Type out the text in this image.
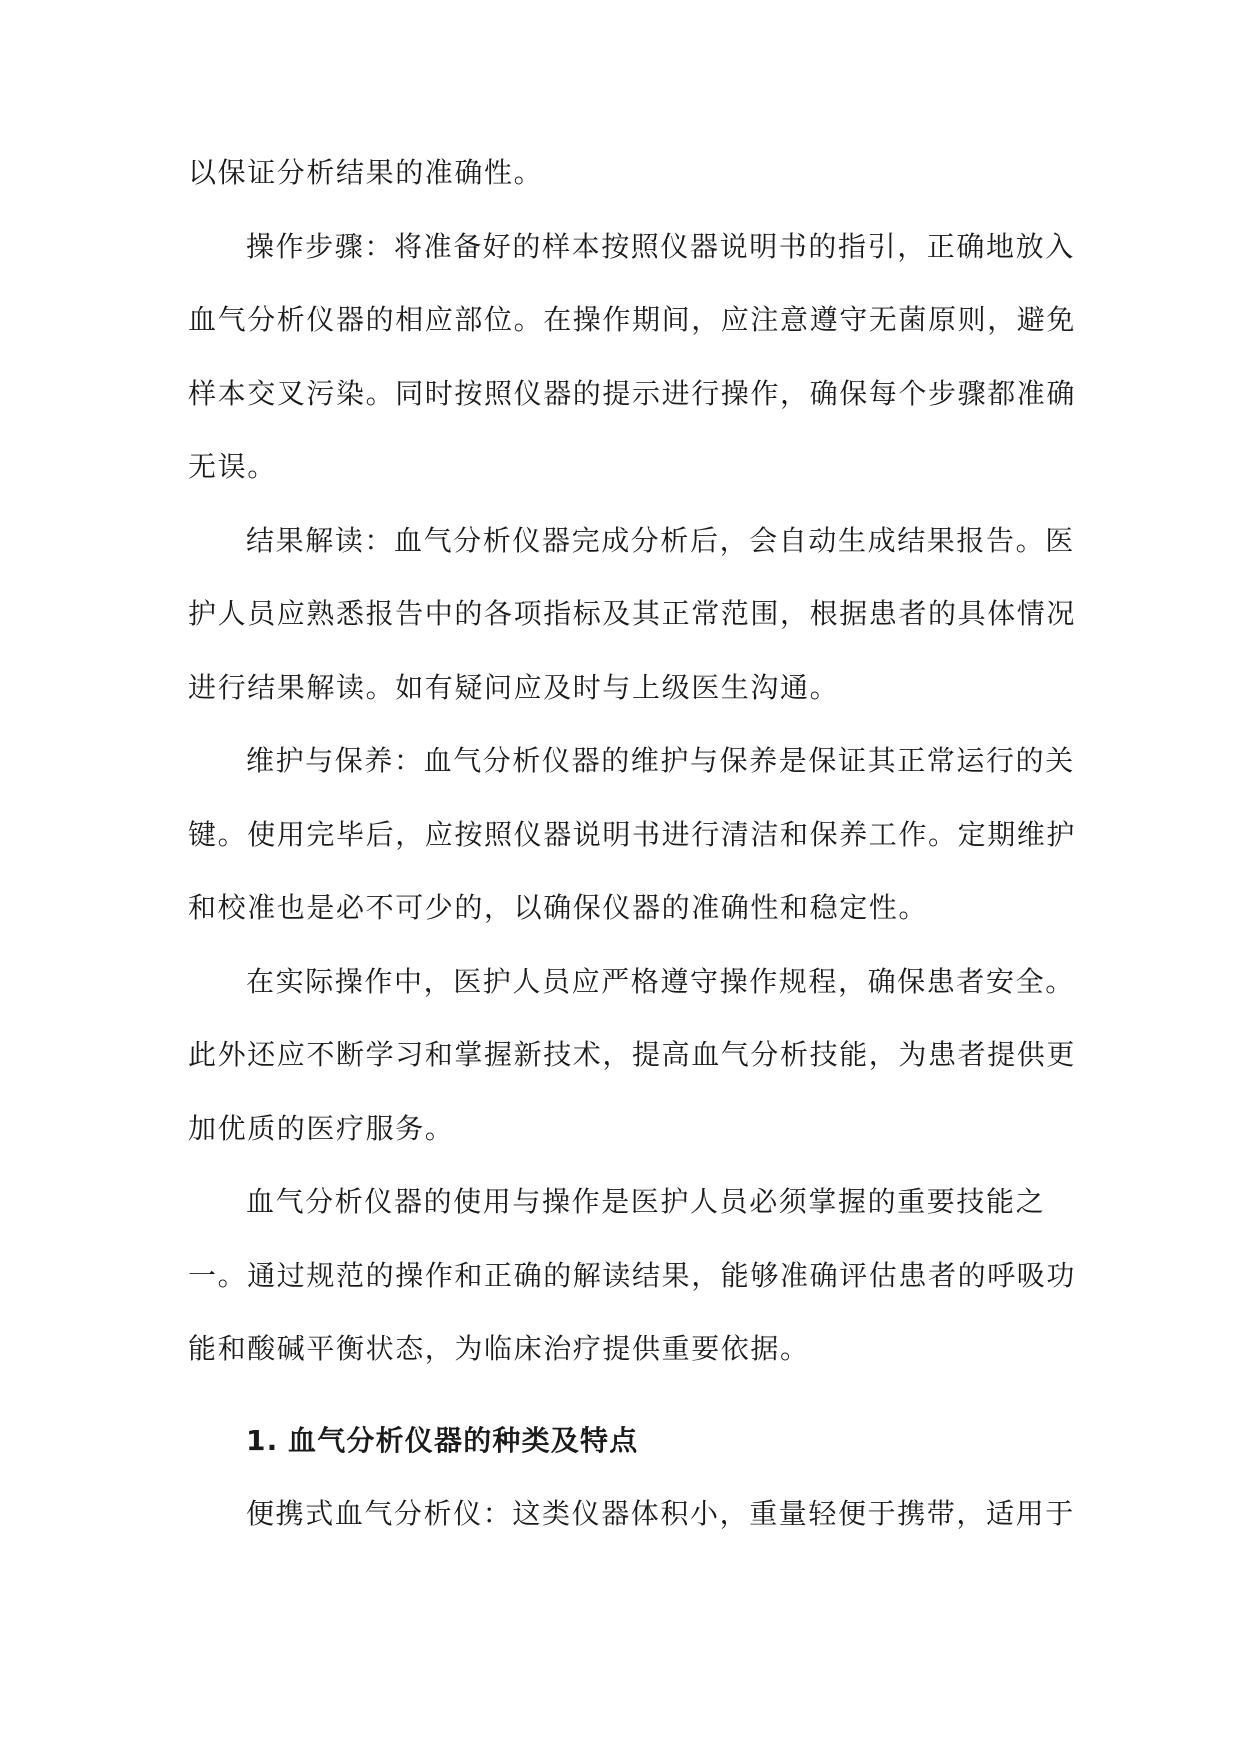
以保证分析结果的准确性。
操作步骤：将准备好的样本按照仪器说明书的指引，正确地放入
血气分析仪器的相应部位。在操作期间，应注意遵守无菌原则，避免
样本交叉污染。同时按照仪器的提示进行操作，确保每个步骤都准确
无误。
结果解读：血气分析仪器完成分析后，会自动生成结果报告。医
护人员应熟悉报告中的各项指标及其正常范围，根据患者的具体情况
进行结果解读。如有疑问应及时与上级医生沟通。
维护与保养：血气分析仪器的维护与保养是保证其正常运行的关
键。使用完毕后，应按照仪器说明书进行清洁和保养工作。定期维护
和校准也是必不可少的，以确保仪器的准确性和稳定性。
在实际操作中，医护人员应严格遵守操作规程，确保患者安全。
此外还应不断学习和掌握新技术，提高血气分析技能，为患者提供更
加优质的医疗服务。
血气分析仪器的使用与操作是医护人员必须掌握的重要技能之
一。通过规范的操作和正确的解读结果，能够准确评估患者的呼吸功
能和酸碱平衡状态，为临床治疗提供重要依据。
1. 血气分析仪器的种类及特点
便携式血气分析仪：这类仪器体积小，重量轻便于携带，适用于
